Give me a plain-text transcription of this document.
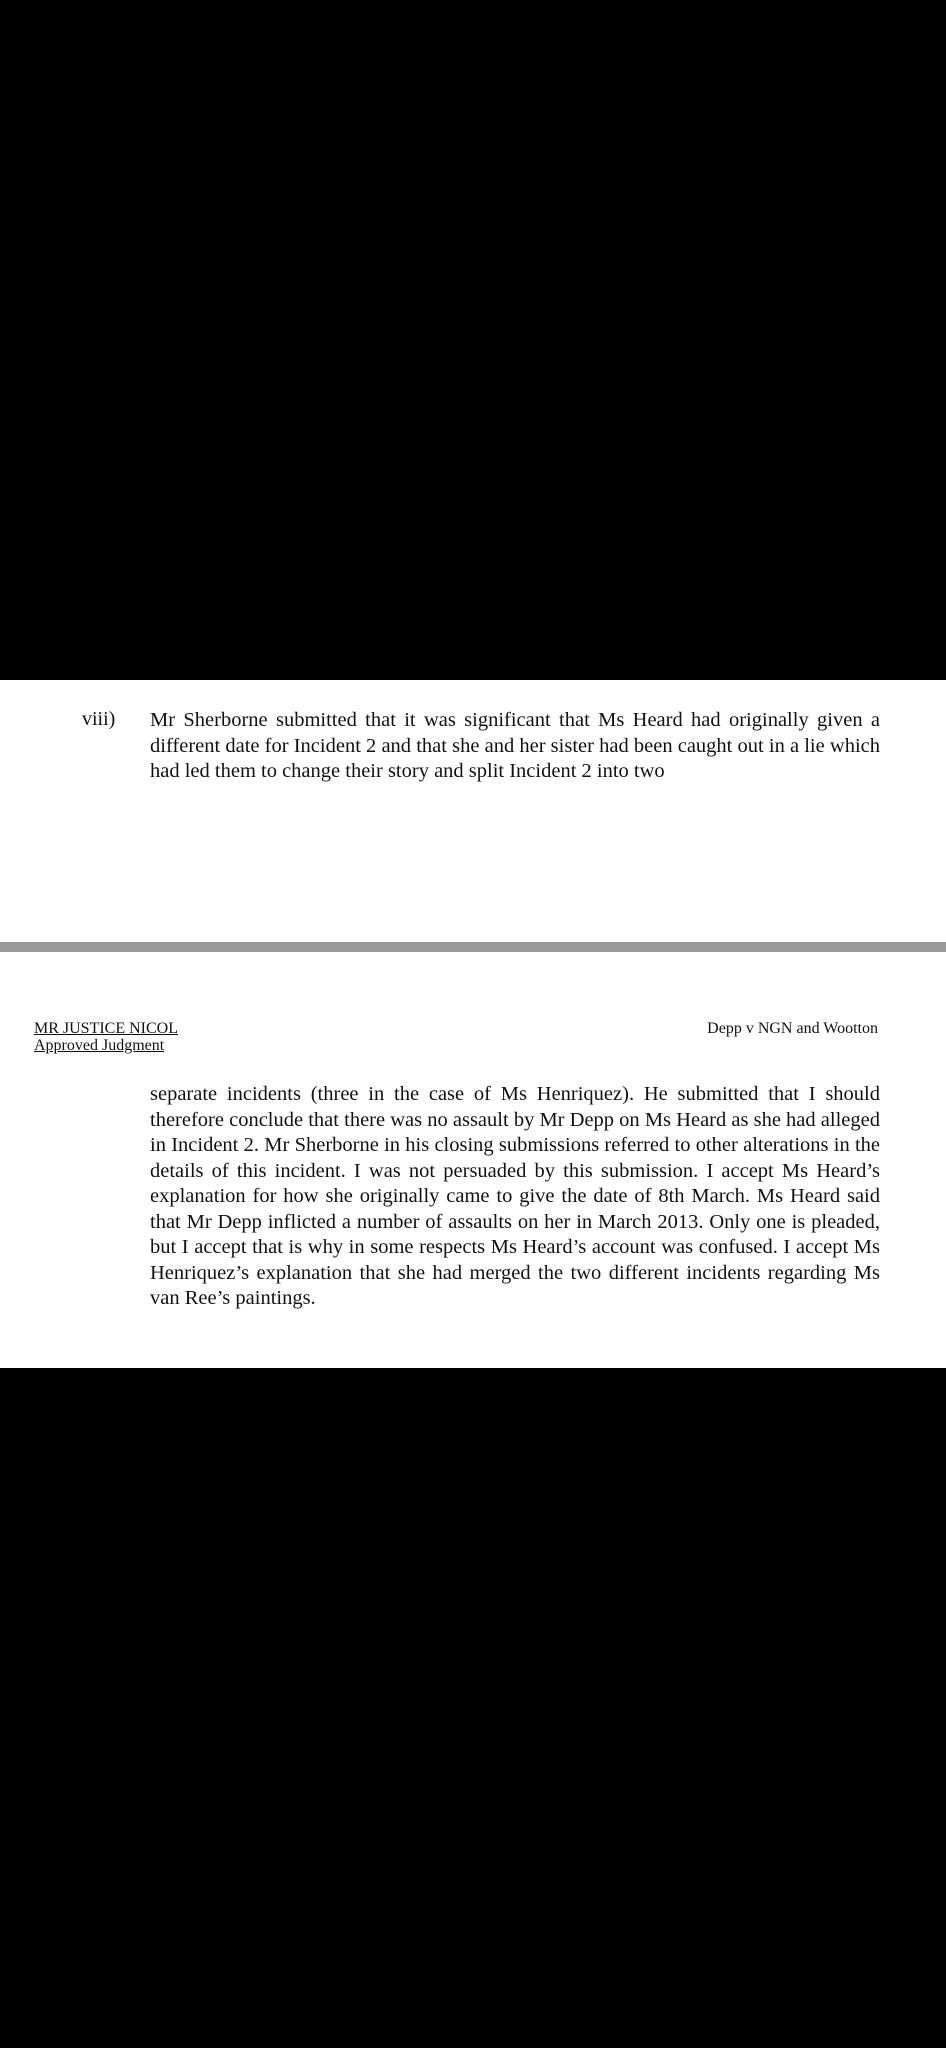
viii) Mr Sherborne submitted that it was significant that Ms Heard had originally given a different date for Incident 2 and that she and her sister had been caught out in a lie which had led them to change their story and split Incident 2 into two
MR JUSTICE NICOL
Approved Judgment
Depp v NGN and Wootton
separate incidents (three in the case of Ms Henriquez). He submitted that I should therefore conclude that there was no assault by Mr Depp on Ms Heard as she had alleged in Incident 2. Mr Sherborne in his closing submissions referred to other alterations in the details of this incident. I was not persuaded by this submission. I accept Ms Heard’s explanation for how she originally came to give the date of 8th March. Ms Heard said that Mr Depp inflicted a number of assaults on her in March 2013. Only one is pleaded, but I accept that is why in some respects Ms Heard’s account was confused. I accept Ms Henriquez’s explanation that she had merged the two different incidents regarding Ms van Ree’s paintings.
